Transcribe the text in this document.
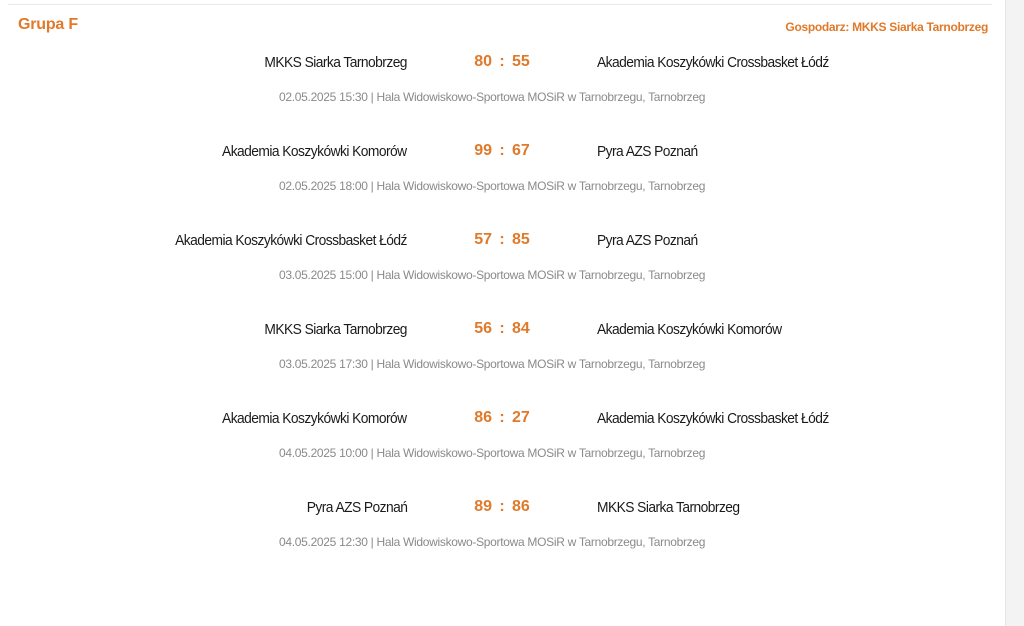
Grupa F	Gospodarz: MKKS Siarka Tarnobrzeg
MKKS Siarka Tarnobrzeg	80 : 55	Akademia Koszykówki Crossbasket Łódź
02.05.2025 15:30 | Hala Widowiskowo-Sportowa MOSiR w Tarnobrzegu, Tarnobrzeg
Akademia Koszykówki Komorów	99 : 67	Pyra AZS Poznań
02.05.2025 18:00 | Hala Widowiskowo-Sportowa MOSiR w Tarnobrzegu, Tarnobrzeg
Akademia Koszykówki Crossbasket Łódź	57 : 85	Pyra AZS Poznań
03.05.2025 15:00 | Hala Widowiskowo-Sportowa MOSiR w Tarnobrzegu, Tarnobrzeg
MKKS Siarka Tarnobrzeg	56 : 84	Akademia Koszykówki Komorów
03.05.2025 17:30 | Hala Widowiskowo-Sportowa MOSiR w Tarnobrzegu, Tarnobrzeg
Akademia Koszykówki Komorów	86 : 27	Akademia Koszykówki Crossbasket Łódź
04.05.2025 10:00 | Hala Widowiskowo-Sportowa MOSiR w Tarnobrzegu, Tarnobrzeg
Pyra AZS Poznań	89 : 86	MKKS Siarka Tarnobrzeg
04.05.2025 12:30 | Hala Widowiskowo-Sportowa MOSiR w Tarnobrzegu, Tarnobrzeg
